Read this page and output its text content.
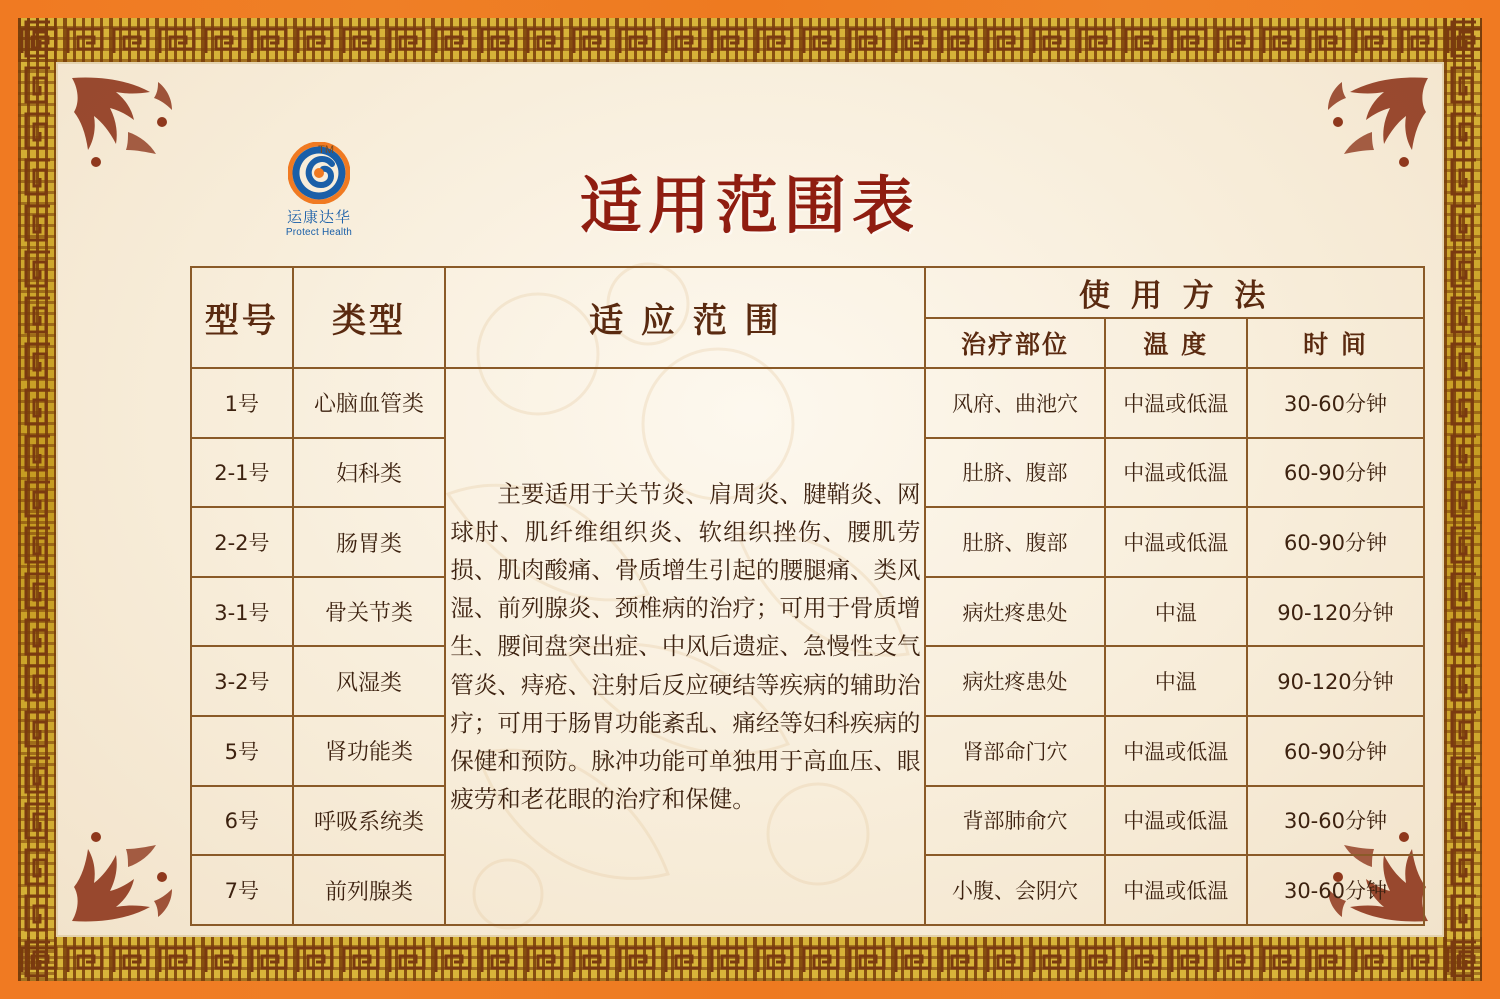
TM
运康达华
Protect Health	适用范围表
型号	类型	适 应 范 围	使 用 方 法		
			治疗部位	温 度	时 间
1号	心脑血管类	主要适用于关节炎、肩周炎、腱鞘炎、网球肘、肌纤维组织炎、软组织挫伤、腰肌劳损、肌肉酸痛、骨质增生引起的腰腿痛、类风湿、前列腺炎、颈椎病的治疗；可用于骨质增生、腰间盘突出症、中风后遗症、急慢性支气管炎、痔疮、注射后反应硬结等疾病的辅助治疗；可用于肠胃功能紊乱、痛经等妇科疾病的保健和预防。脉冲功能可单独用于高血压、眼疲劳和老花眼的治疗和保健。	风府、曲池穴	中温或低温	30-60分钟
2-1号	妇科类		肚脐、腹部	中温或低温	60-90分钟
2-2号	肠胃类		肚脐、腹部	中温或低温	60-90分钟
3-1号	骨关节类		病灶疼患处	中温	90-120分钟
3-2号	风湿类		病灶疼患处	中温	90-120分钟
5号	肾功能类		肾部命门穴	中温或低温	60-90分钟
6号	呼吸系统类		背部肺俞穴	中温或低温	30-60分钟
7号	前列腺类		小腹、会阴穴	中温或低温	30-60分钟
